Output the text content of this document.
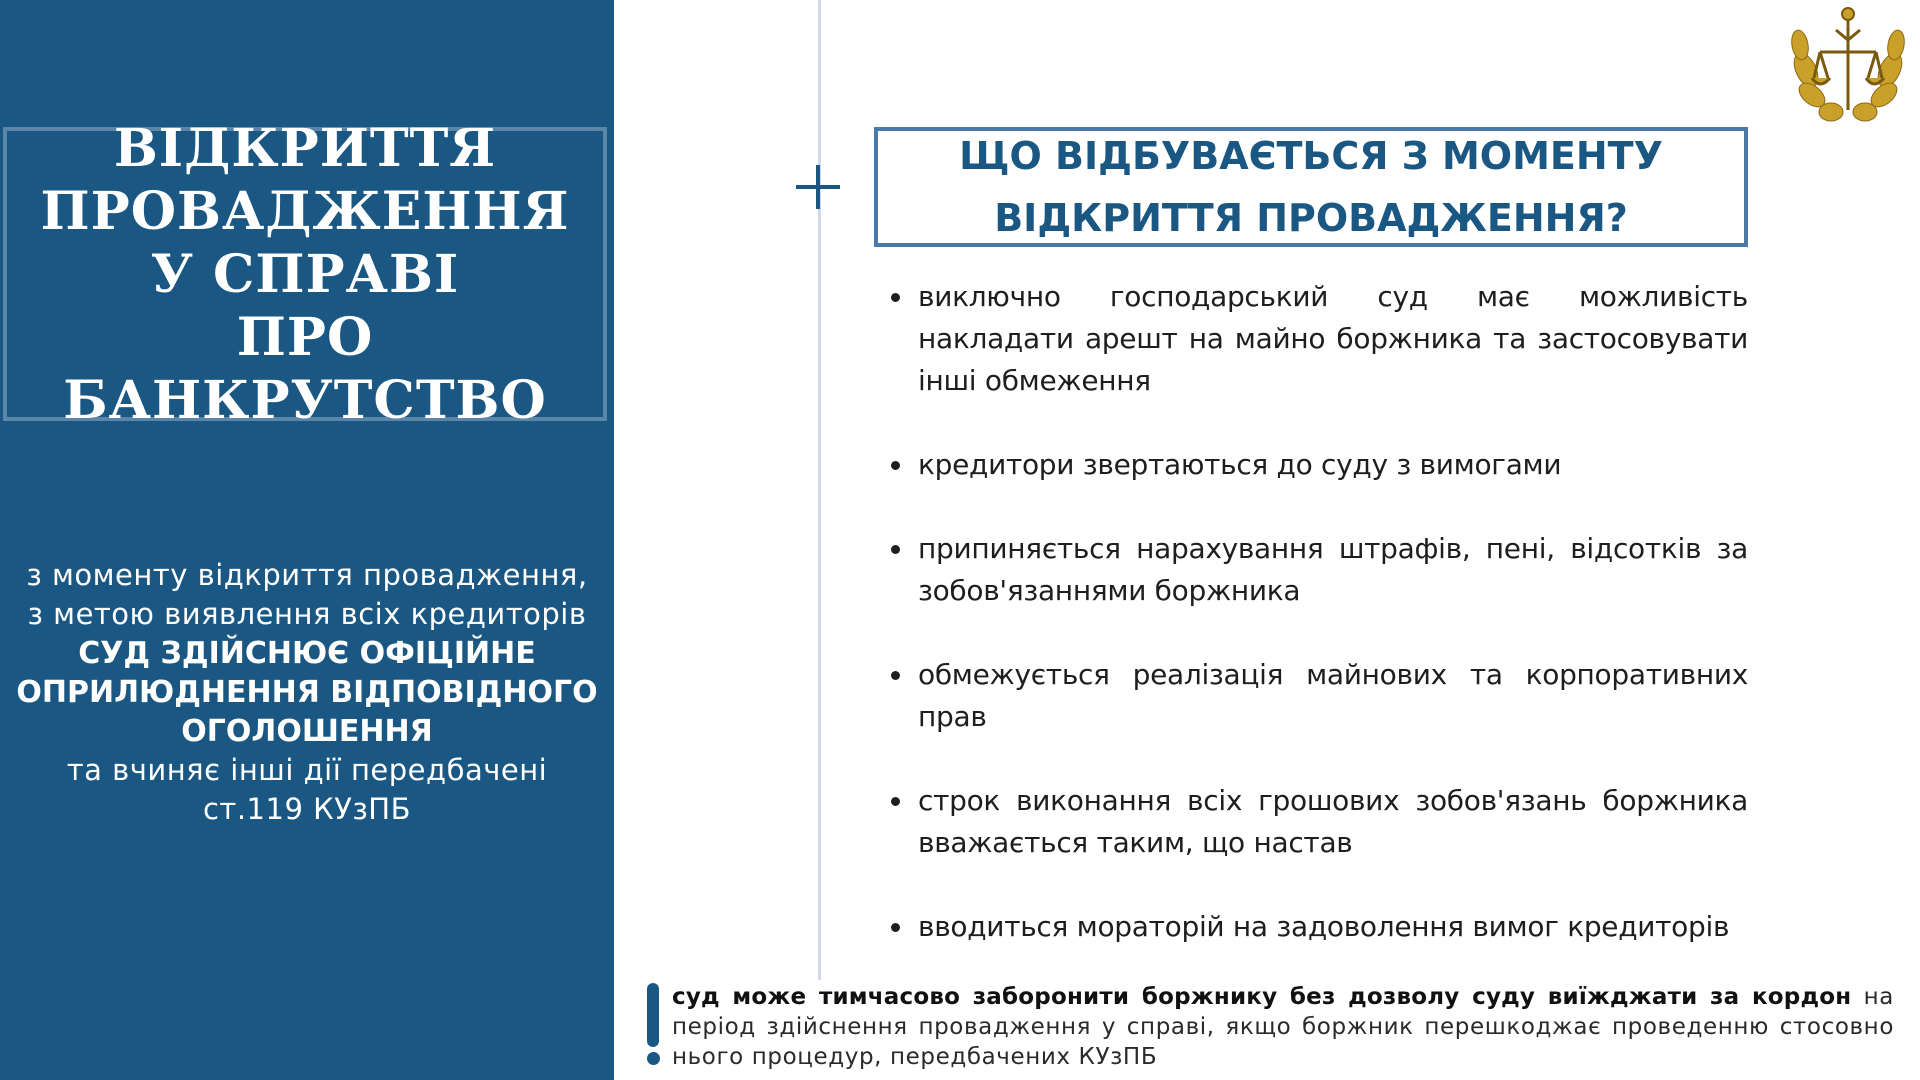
ВІДКРИТТЯ
ПРОВАДЖЕННЯ
У СПРАВІ
ПРО БАНКРУТСТВО
з моменту відкриття провадження,
з метою виявлення всіх кредиторів
СУД ЗДІЙСНЮЄ ОФІЦІЙНЕ
ОПРИЛЮДНЕННЯ ВІДПОВІДНОГО
ОГОЛОШЕННЯ
та вчиняє інші дії передбачені
ст.119 КУзПБ
ЩО ВІДБУВАЄТЬСЯ З МОМЕНТУ
ВІДКРИТТЯ ПРОВАДЖЕННЯ?
виключно господарський суд має можливість накладати арешт на майно боржника та застосовувати інші обмеження
кредитори звертаються до суду з вимогами
припиняється нарахування штрафів, пені, відсотків за зобов'язаннями боржника
обмежується реалізація майнових та корпоративних прав
строк виконання всіх грошових зобов'язань боржника вважається таким, що настав
вводиться мораторій на задоволення вимог кредиторів
суд може тимчасово заборонити боржнику без дозволу суду виїжджати за кордон на період здійснення провадження у справі, якщо боржник перешкоджає проведенню стосовно нього процедур, передбачених КУзПБ
